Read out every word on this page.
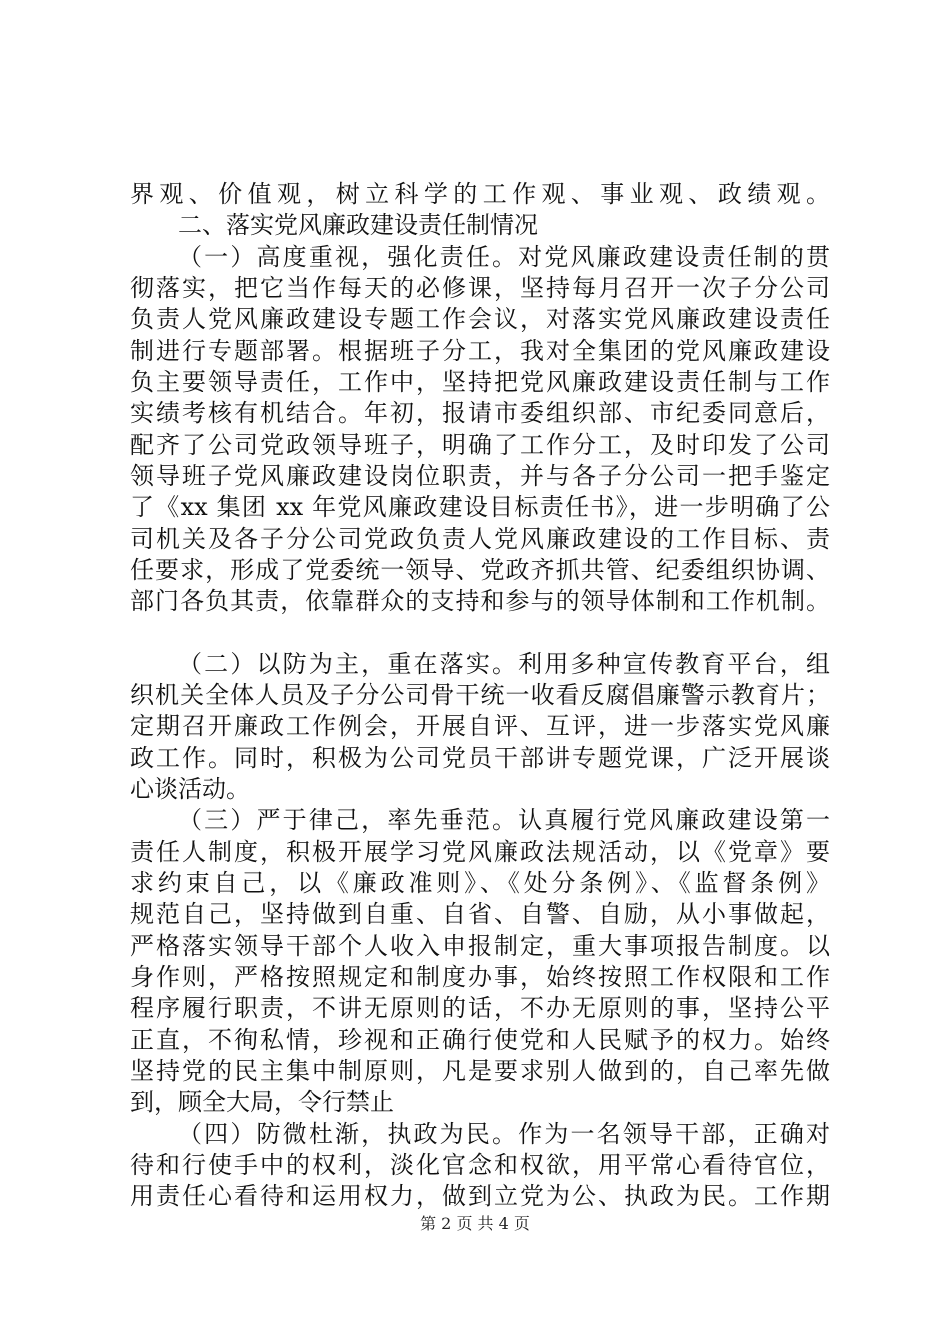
界观、价值观，树立科学的工作观、事业观、政绩观。
二、落实党风廉政建设责任制情况
（一）高度重视，强化责任。对党风廉政建设责任制的贯
彻落实，把它当作每天的必修课，坚持每月召开一次子分公司
负责人党风廉政建设专题工作会议，对落实党风廉政建设责任
制进行专题部署。根据班子分工，我对全集团的党风廉政建设
负主要领导责任，工作中，坚持把党风廉政建设责任制与工作
实绩考核有机结合。年初，报请市委组织部、市纪委同意后，
配齐了公司党政领导班子，明确了工作分工，及时印发了公司
领导班子党风廉政建设岗位职责，并与各子分公司一把手鉴定
了《xx 集团 xx 年党风廉政建设目标责任书》，进一步明确了公
司机关及各子分公司党政负责人党风廉政建设的工作目标、责
任要求，形成了党委统一领导、党政齐抓共管、纪委组织协调、
部门各负其责，依靠群众的支持和参与的领导体制和工作机制。
（二）以防为主，重在落实。利用多种宣传教育平台，组
织机关全体人员及子分公司骨干统一收看反腐倡廉警示教育片；
定期召开廉政工作例会，开展自评、互评，进一步落实党风廉
政工作。同时，积极为公司党员干部讲专题党课，广泛开展谈
心谈活动。
（三）严于律己，率先垂范。认真履行党风廉政建设第一
责任人制度，积极开展学习党风廉政法规活动，以《党章》要
求约束自己，以《廉政准则》、《处分条例》、《监督条例》
规范自己，坚持做到自重、自省、自警、自励，从小事做起，
严格落实领导干部个人收入申报制定，重大事项报告制度。以
身作则，严格按照规定和制度办事，始终按照工作权限和工作
程序履行职责，不讲无原则的话，不办无原则的事，坚持公平
正直，不徇私情，珍视和正确行使党和人民赋予的权力。始终
坚持党的民主集中制原则，凡是要求别人做到的，自己率先做
到，顾全大局，令行禁止
（四）防微杜渐，执政为民。作为一名领导干部，正确对
待和行使手中的权利，淡化官念和权欲，用平常心看待官位，
用责任心看待和运用权力，做到立党为公、执政为民。工作期
第 2 页 共 4 页
